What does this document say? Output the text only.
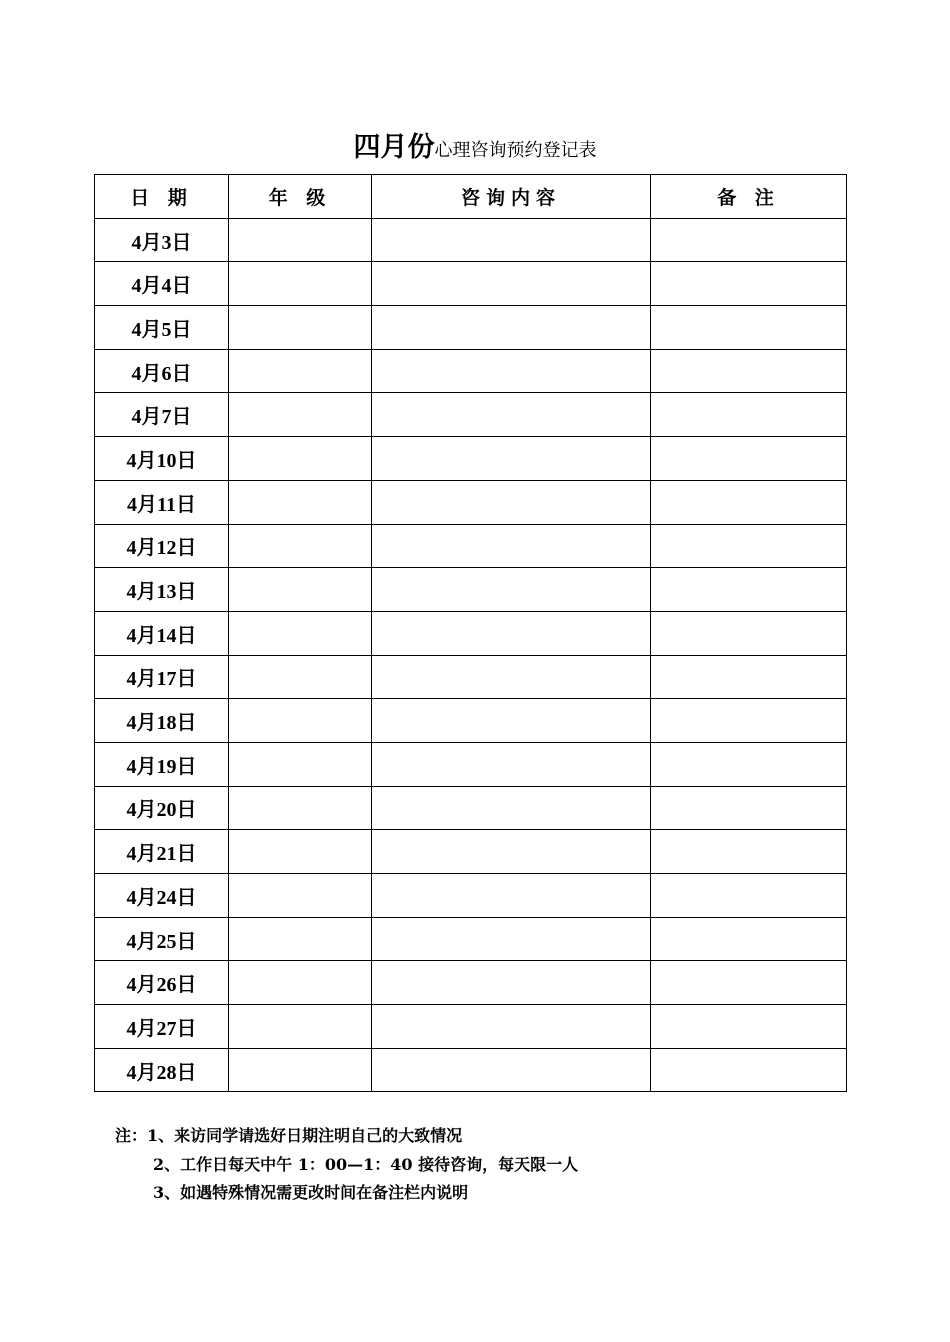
四月份心理咨询预约登记表
日 期	年 级	咨询内容	备 注
4月3日			
4月4日			
4月5日			
4月6日			
4月7日			
4月10日			
4月11日			
4月12日			
4月13日			
4月14日			
4月17日			
4月18日			
4月19日			
4月20日			
4月21日			
4月24日			
4月25日			
4月26日			
4月27日			
4月28日			
注：1、来访同学请选好日期注明自己的大致情况
2、工作日每天中午 1：00—1：40 接待咨询，每天限一人
3、如遇特殊情况需更改时间在备注栏内说明
